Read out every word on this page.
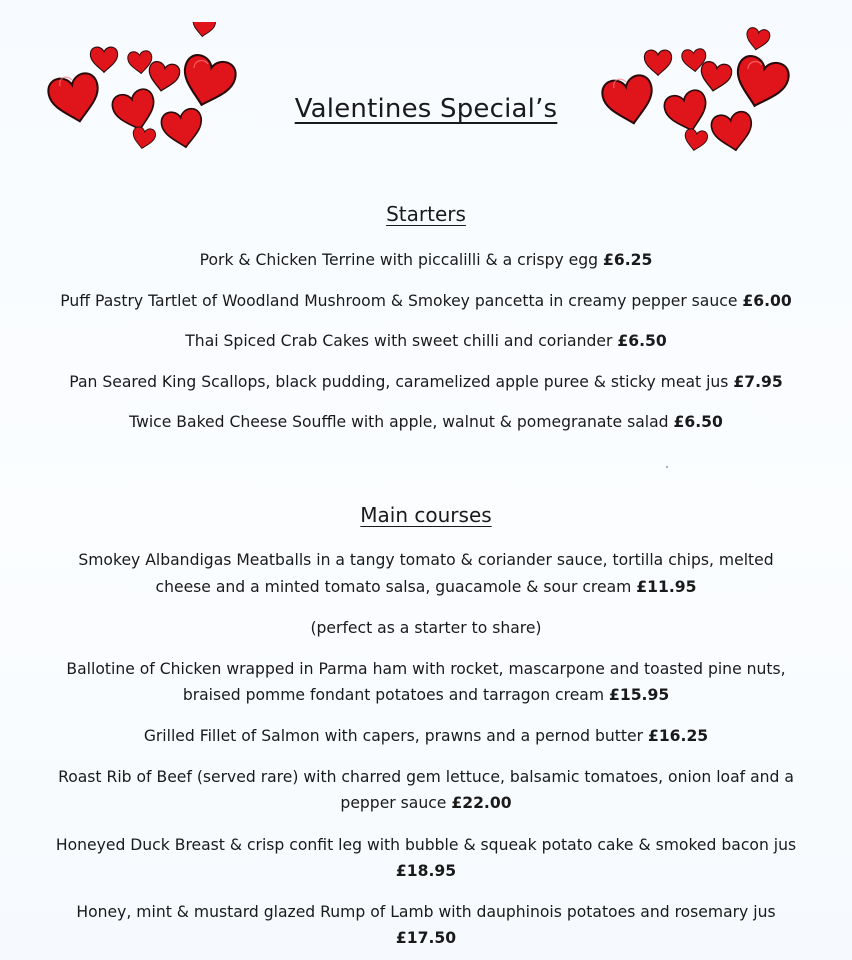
Valentines Special’s
Starters
Pork & Chicken Terrine with piccalilli & a crispy egg £6.25
Puff Pastry Tartlet of Woodland Mushroom & Smokey pancetta in creamy pepper sauce £6.00
Thai Spiced Crab Cakes with sweet chilli and coriander £6.50
Pan Seared King Scallops, black pudding, caramelized apple puree & sticky meat jus £7.95
Twice Baked Cheese Souffle with apple, walnut & pomegranate salad £6.50
Main courses
Smokey Albandigas Meatballs in a tangy tomato & coriander sauce, tortilla chips, melted
cheese and a minted tomato salsa, guacamole & sour cream £11.95
(perfect as a starter to share)
Ballotine of Chicken wrapped in Parma ham with rocket, mascarpone and toasted pine nuts,
braised pomme fondant potatoes and tarragon cream £15.95
Grilled Fillet of Salmon with capers, prawns and a pernod butter £16.25
Roast Rib of Beef (served rare) with charred gem lettuce, balsamic tomatoes, onion loaf and a
pepper sauce £22.00
Honeyed Duck Breast & crisp confit leg with bubble & squeak potato cake & smoked bacon jus
£18.95
Honey, mint & mustard glazed Rump of Lamb with dauphinois potatoes and rosemary jus
£17.50
